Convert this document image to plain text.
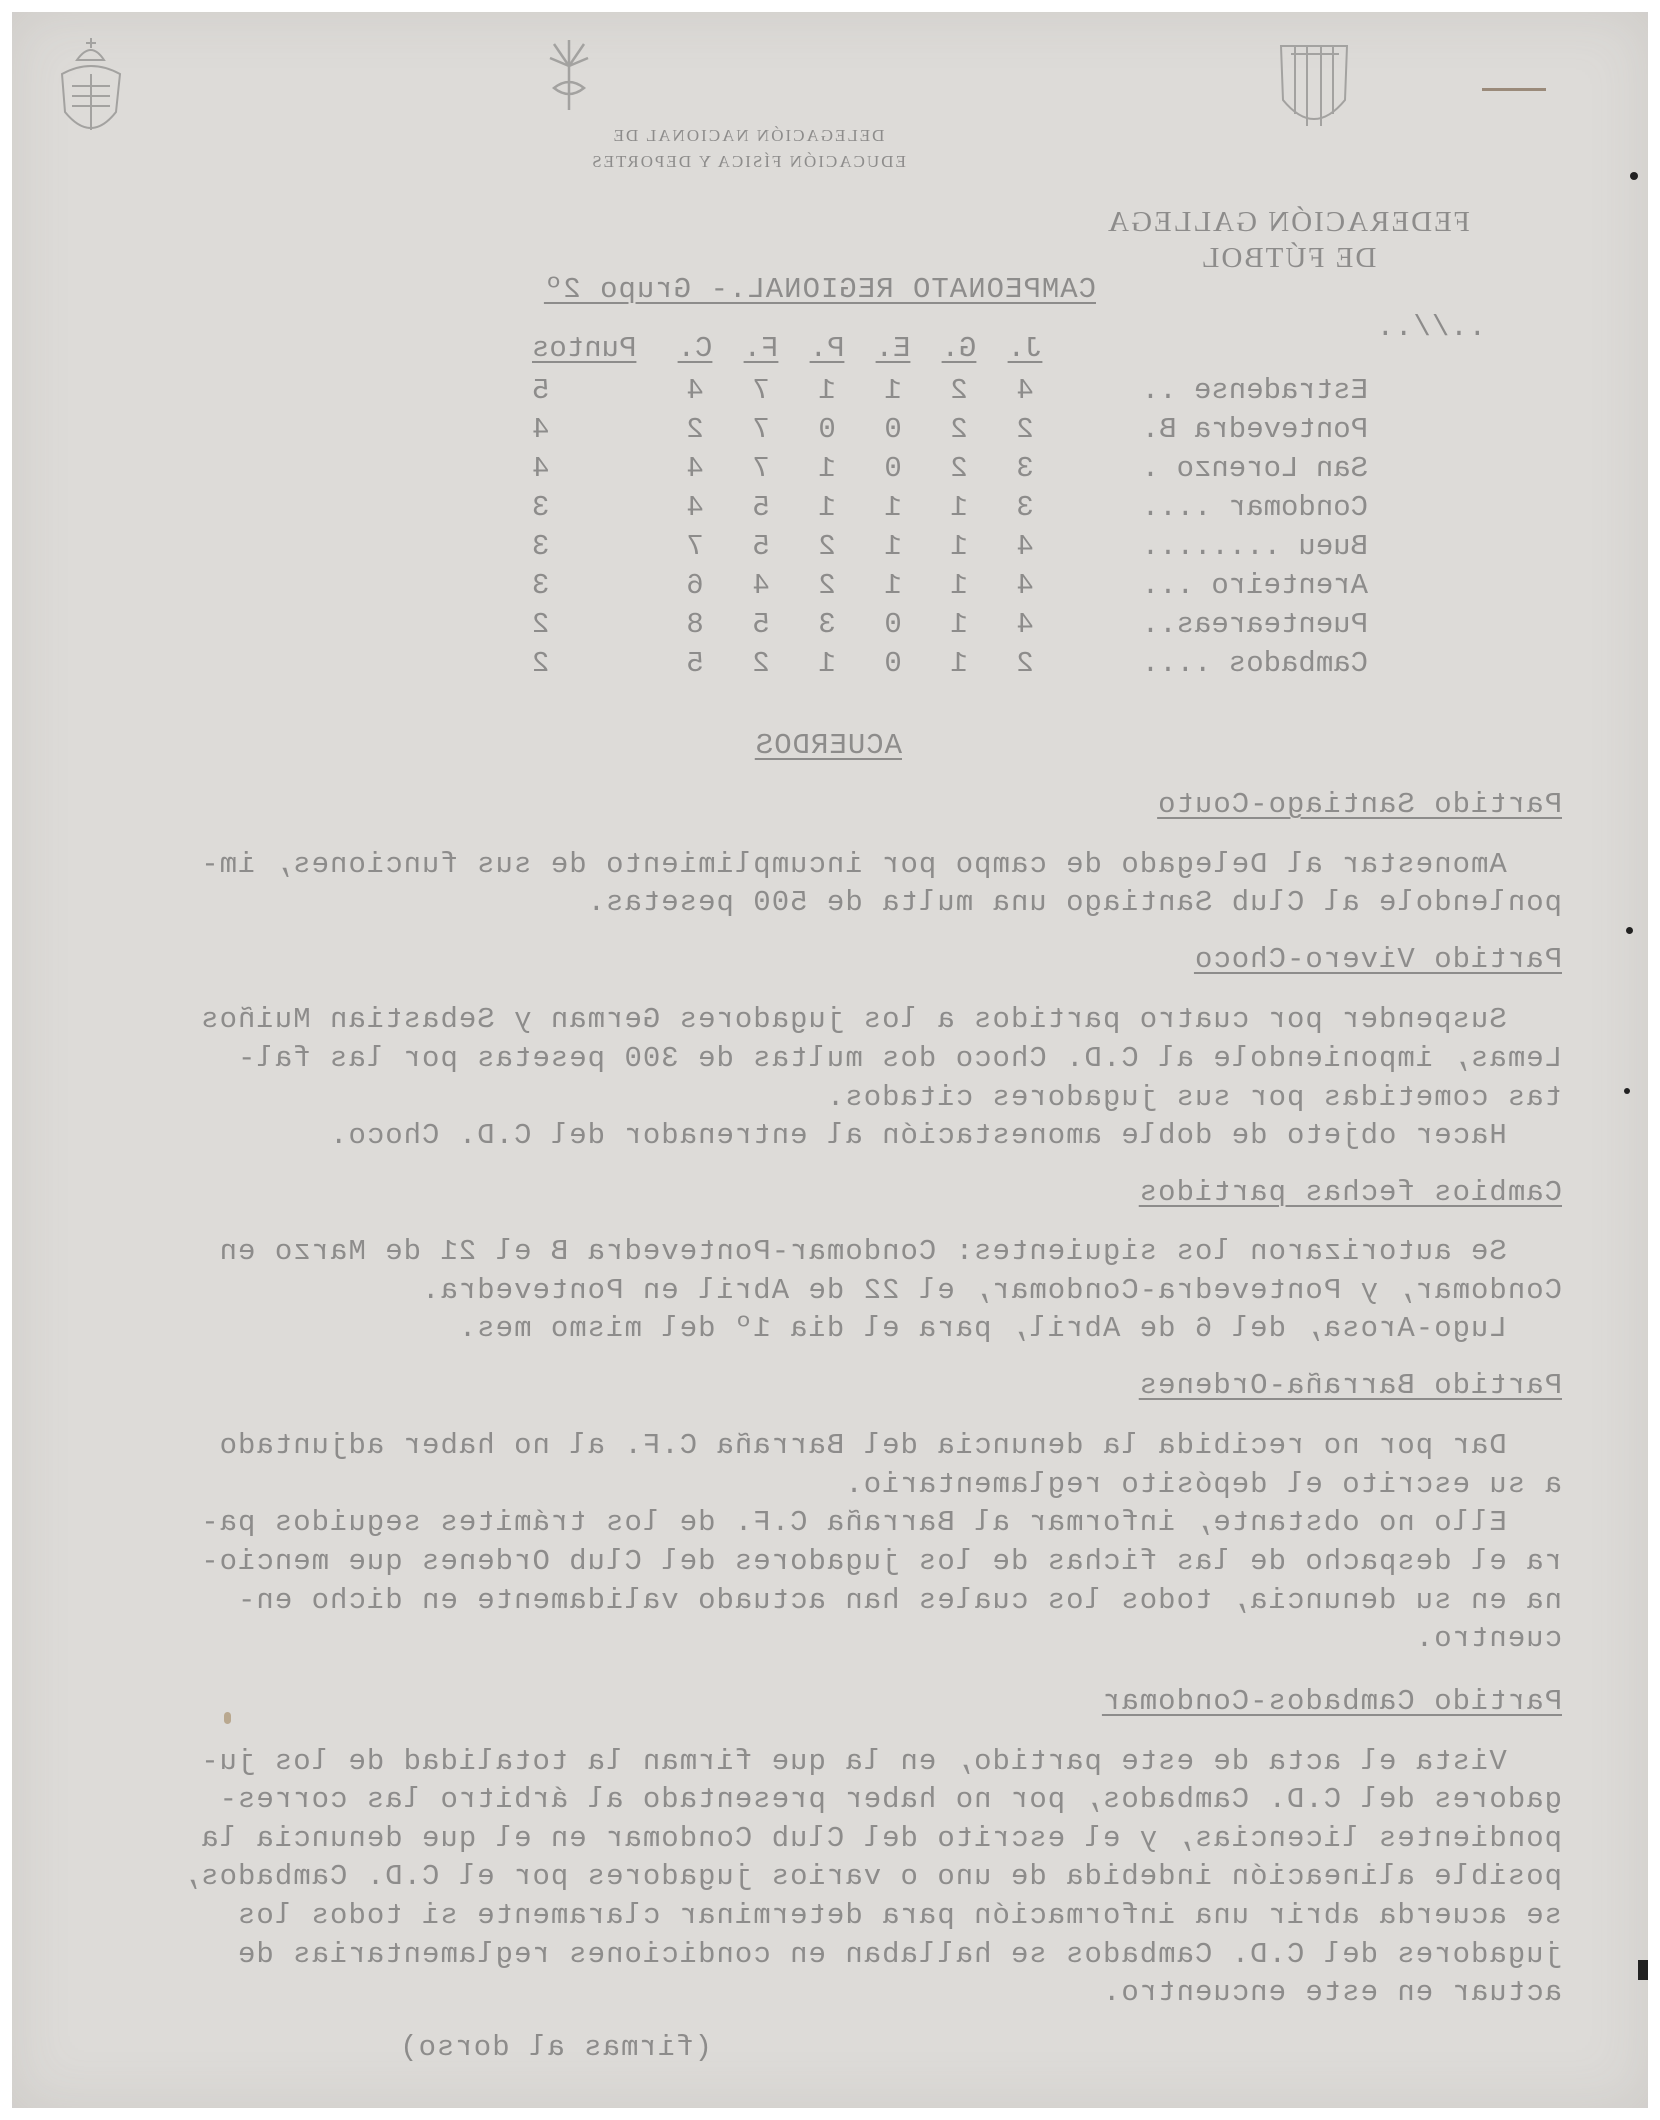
DELEGACIÓN NACIONAL DE
EDUCACIÓN FÍSICA Y DEPORTES
FEDERACIÓN GALLEGA
DE FÚTBOL
..//..
CAMPEONATO REGIONAL.- Grupo 2º
	J.	G.	E.	P.	F.	C.	Puntos
Estradense ..	4	2	1	1	7	4	5
Pontevedra B.	2	2	0	0	7	2	4
San Lorenzo .	3	2	0	1	7	4	4
Condomar ....	3	1	1	1	5	4	3
Bueu ........	4	1	1	2	5	7	3
Arenteiro ...	4	1	1	2	4	6	3
Puenteareas..	4	1	0	3	5	8	2
Cambados ....	2	1	0	1	2	5	2
ACUERDOS
Partido Santiago-Couto
Amonestar al Delegado de campo por incumplimiento de sus funciones, im-
ponlendole al Club Santiago una multa de 500 pesetas.
Partido Vivero-Choco
Suspender por cuatro partidos a los jugadores German y Sebastian Muiños
Lemas, imponiendole al C.D. Choco dos multas de 300 pesetas por las fal-
tas cometidas por sus jugadores citados.
Hacer objeto de doble amonestación al entrenador del C.D. Choco.
Cambios fechas partidos
Se autorizaron los siguientes: Condomar-Pontevedra B el 21 de Marzo en
Condomar, y Pontevedra-Condomar, el 22 de Abril en Pontevedra.
Lugo-Arosa, del 6 de Abril, para el dia 1º del mismo mes.
Partido Barraña-Ordenes
Dar por no recibida la denuncia del Barraña C.F. al no haber adjuntado
a su escrito el depósito reglamentario.
Ello no obstante, informar al Barraña C.F. de los trámites seguidos pa-
ra el despacho de las fichas de los jugadores del Club Ordenes que mencio-
na en su denuncia, todos los cuales han actuado validamente en dicho en-
cuentro.
Partido Cambados-Condomar
Vista el acta de este partido, en la que firman la totalidad de los ju-
gadores del C.D. Cambados, por no haber presentado al árbitro las corres-
pondientes licencias, y el escrito del Club Condomar en el que denuncia la
posible alineación indebida de uno o varios jugadores por el C.D. Cambados,
se acuerda abrir una información para determinar claramente si todos los
jugadores del C.D. Cambados se hallaban en condiciones reglamentarias de
actuar en este encuentro.
(firmas al dorso)
